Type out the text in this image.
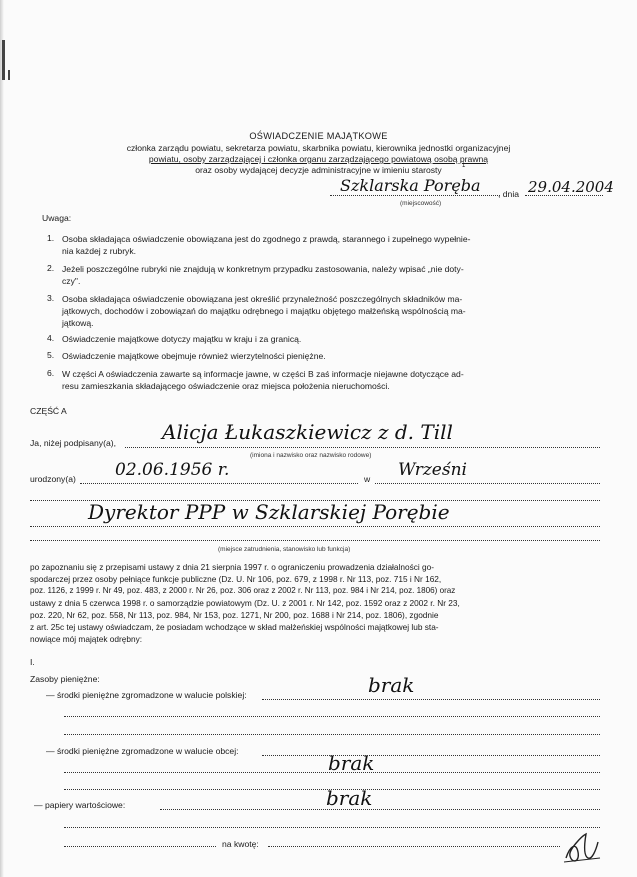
OŚWIADCZENIE MAJĄTKOWE
członka zarządu powiatu, sekretarza powiatu, skarbnika powiatu, kierownika jednostki organizacyjnej
powiatu, osoby zarządzającej i członka organu zarządzającego powiatową osobą prawną
oraz osoby wydającej decyzje administracyjne w imieniu starosty	1
Szklarska Poręba
(miejscowość)
, dnia 29.04.2004
Uwaga:
1. Osoba składająca oświadczenie obowiązana jest do zgodnego z prawdą, starannego i zupełnego wypełnie-
nia każdej z rubryk.
2. Jeżeli poszczególne rubryki nie znajdują w konkretnym przypadku zastosowania, należy wpisać „nie doty-
czy".
3. Osoba składająca oświadczenie obowiązana jest określić przynależność poszczególnych składników ma-
jątkowych, dochodów i zobowiązań do majątku odrębnego i majątku objętego małżeńską wspólnością ma-
jątkową.
4. Oświadczenie majątkowe dotyczy majątku w kraju i za granicą.
5. Oświadczenie majątkowe obejmuje również wierzytelności pieniężne.
6. W części A oświadczenia zawarte są informacje jawne, w części B zaś informacje niejawne dotyczące ad-
resu zamieszkania składającego oświadczenie oraz miejsca położenia nieruchomości.
CZĘŚĆ A
Ja, niżej podpisany(a), Alicja Łukaszkiewicz z d. Till
(imiona i nazwisko oraz nazwisko rodowe)
urodzony(a) 02.06.1956 r.	w Wrześni
Dyrektor PPP w Szklarskiej Porębie
(miejsce zatrudnienia, stanowisko lub funkcja)
po zapoznaniu się z przepisami ustawy z dnia 21 sierpnia 1997 r. o ograniczeniu prowadzenia działalności go-
spodarczej przez osoby pełniące funkcje publiczne (Dz. U. Nr 106, poz. 679, z 1998 r. Nr 113, poz. 715 i Nr 162,
poz. 1126, z 1999 r. Nr 49, poz. 483, z 2000 r. Nr 26, poz. 306 oraz z 2002 r. Nr 113, poz. 984 i Nr 214, poz. 1806) oraz
ustawy z dnia 5 czerwca 1998 r. o samorządzie powiatowym (Dz. U. z 2001 r. Nr 142, poz. 1592 oraz z 2002 r. Nr 23,
poz. 220, Nr 62, poz. 558, Nr 113, poz. 984, Nr 153, poz. 1271, Nr 200, poz. 1688 i Nr 214, poz. 1806), zgodnie
z art. 25c tej ustawy oświadczam, że posiadam wchodzące w skład małżeńskiej wspólności majątkowej lub sta-
nowiące mój majątek odrębny:
I.
Zasoby pieniężne:
— środki pieniężne zgromadzone w walucie polskiej:	brak
— środki pieniężne zgromadzone w walucie obcej:	brak
— papiery wartościowe:	brak
na kwotę:
